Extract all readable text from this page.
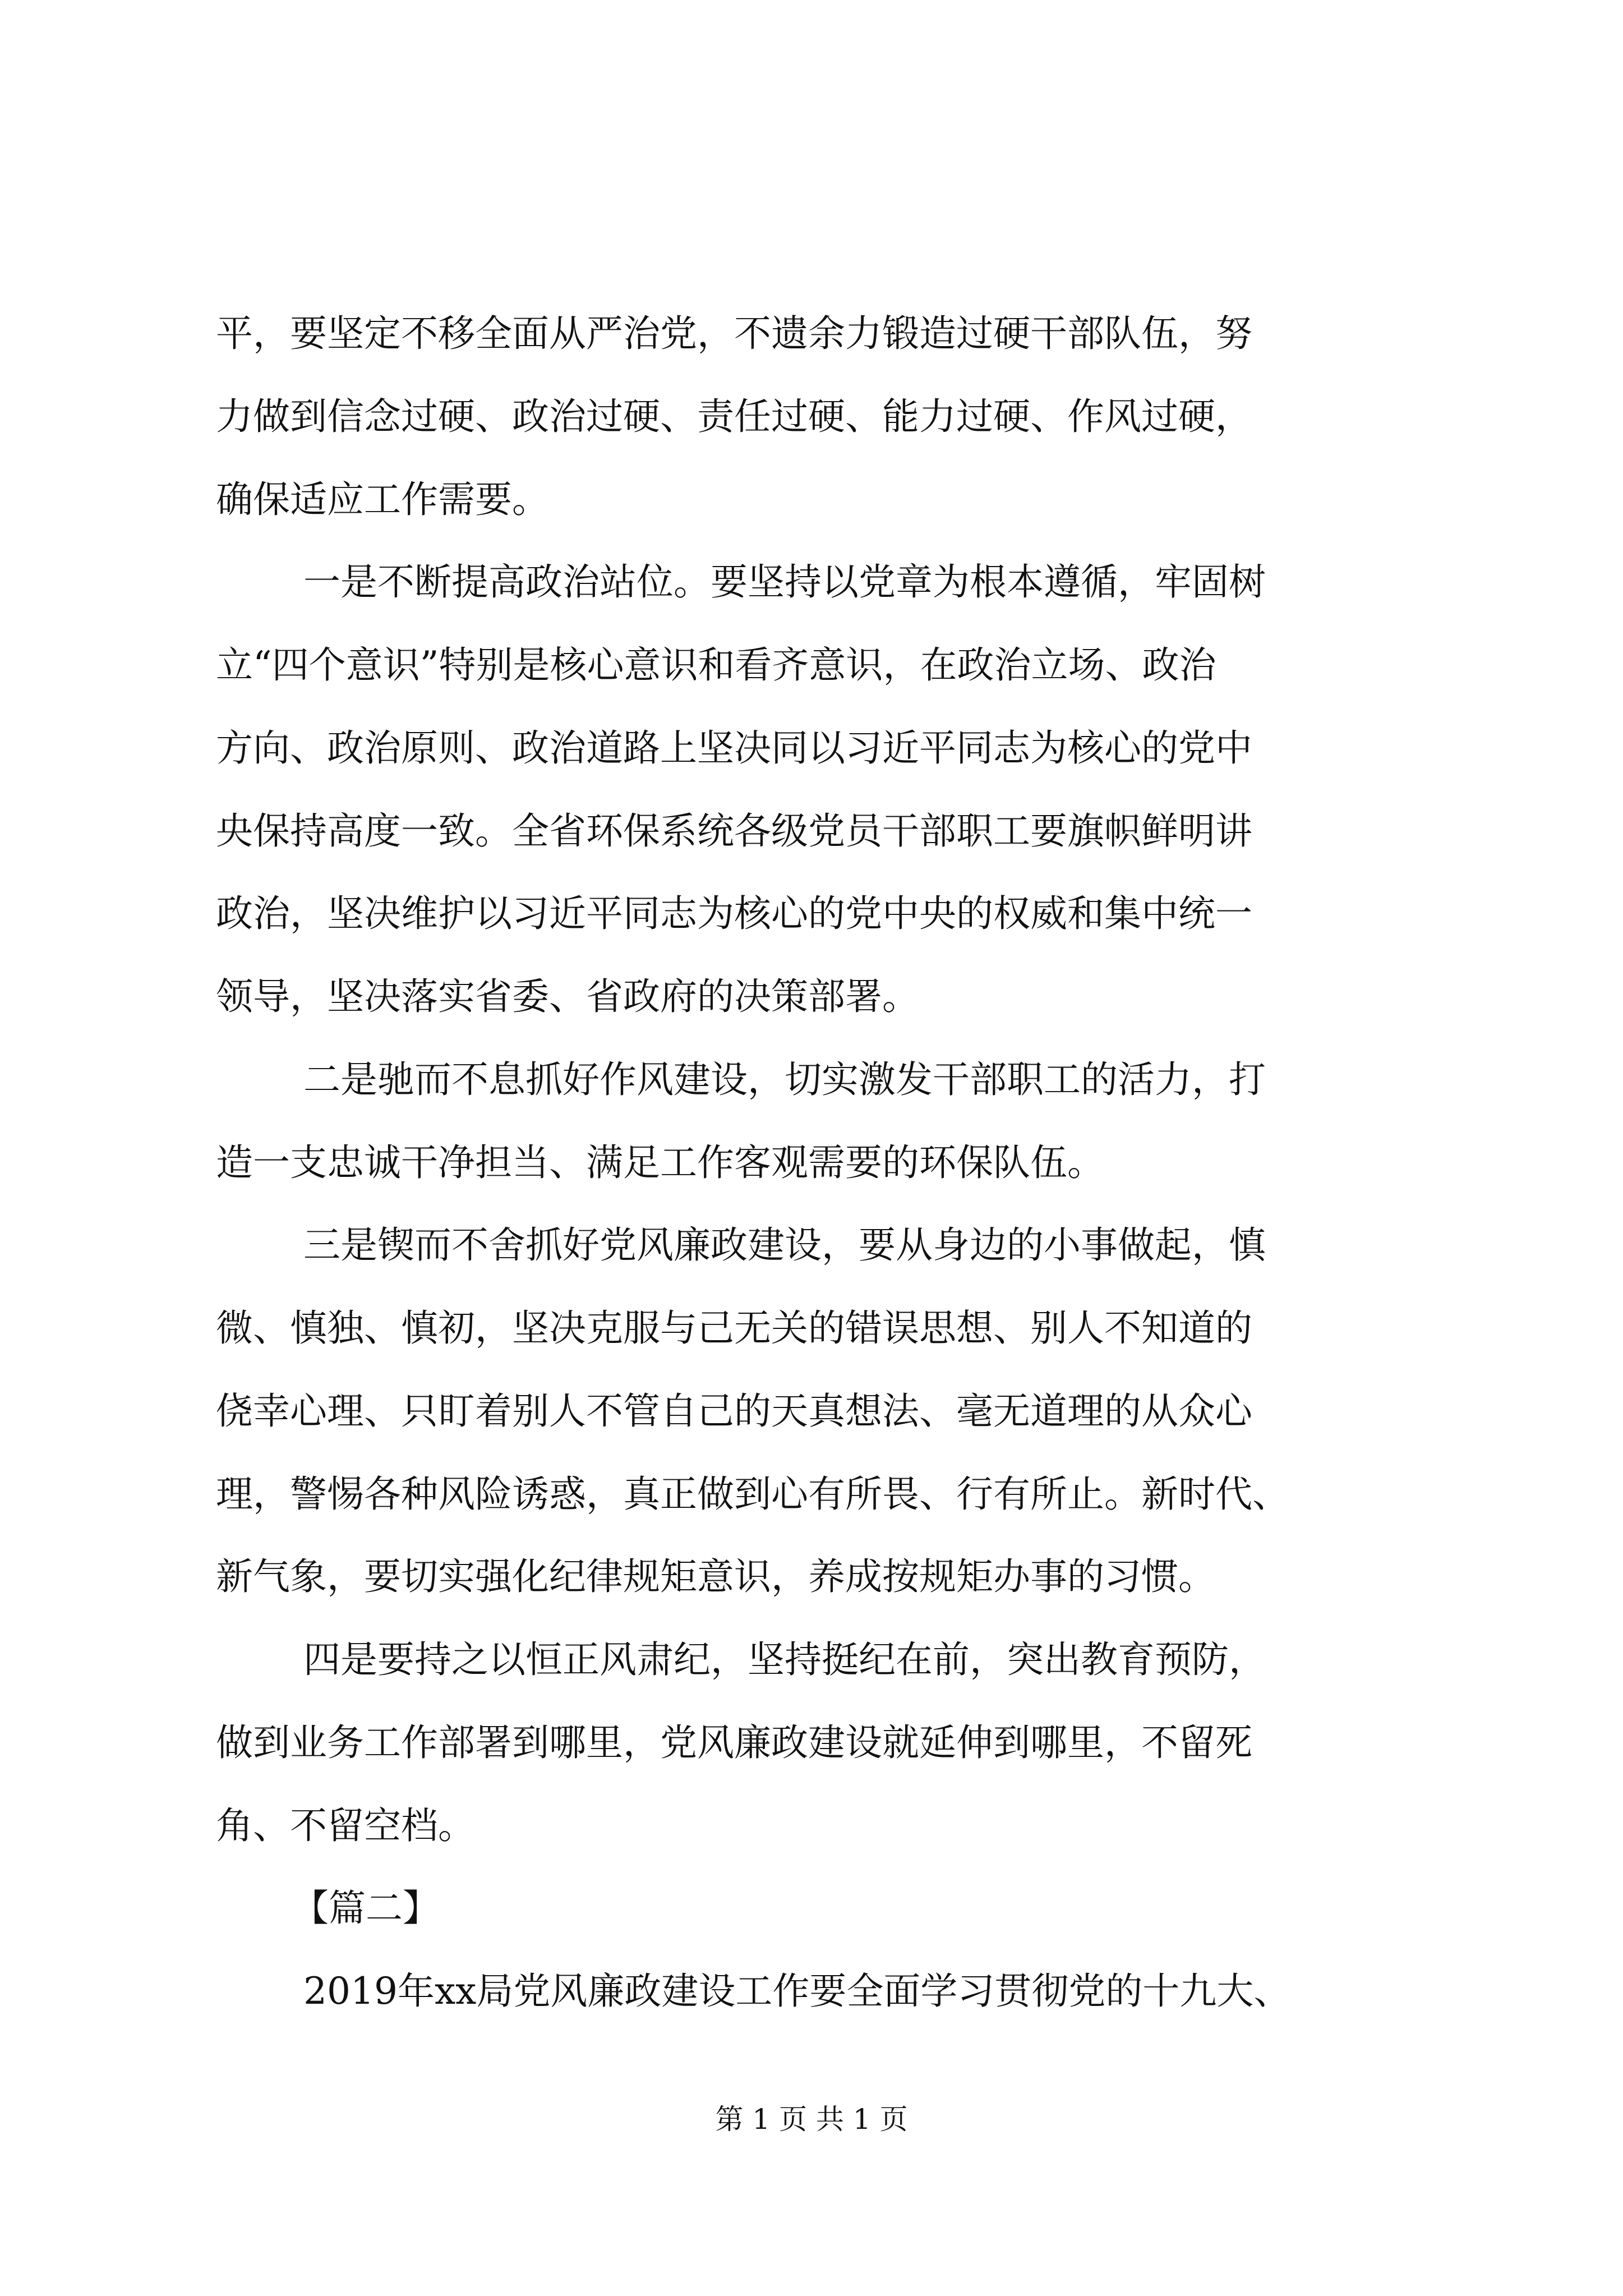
平，要坚定不移全面从严治党，不遗余力锻造过硬干部队伍，努
力做到信念过硬、政治过硬、责任过硬、能力过硬、作风过硬，
确保适应工作需要。
一是不断提高政治站位。要坚持以党章为根本遵循，牢固树
立“四个意识”特别是核心意识和看齐意识，在政治立场、政治
方向、政治原则、政治道路上坚决同以习近平同志为核心的党中
央保持高度一致。全省环保系统各级党员干部职工要旗帜鲜明讲
政治，坚决维护以习近平同志为核心的党中央的权威和集中统一
领导，坚决落实省委、省政府的决策部署。
二是驰而不息抓好作风建设，切实激发干部职工的活力，打
造一支忠诚干净担当、满足工作客观需要的环保队伍。
三是锲而不舍抓好党风廉政建设，要从身边的小事做起，慎
微、慎独、慎初，坚决克服与己无关的错误思想、别人不知道的
侥幸心理、只盯着别人不管自己的天真想法、毫无道理的从众心
理，警惕各种风险诱惑，真正做到心有所畏、行有所止。新时代、
新气象，要切实强化纪律规矩意识，养成按规矩办事的习惯。
四是要持之以恒正风肃纪，坚持挺纪在前，突出教育预防，
做到业务工作部署到哪里，党风廉政建设就延伸到哪里，不留死
角、不留空档。
【篇二】
2019年xx局党风廉政建设工作要全面学习贯彻党的十九大、
第 1 页 共 1 页
